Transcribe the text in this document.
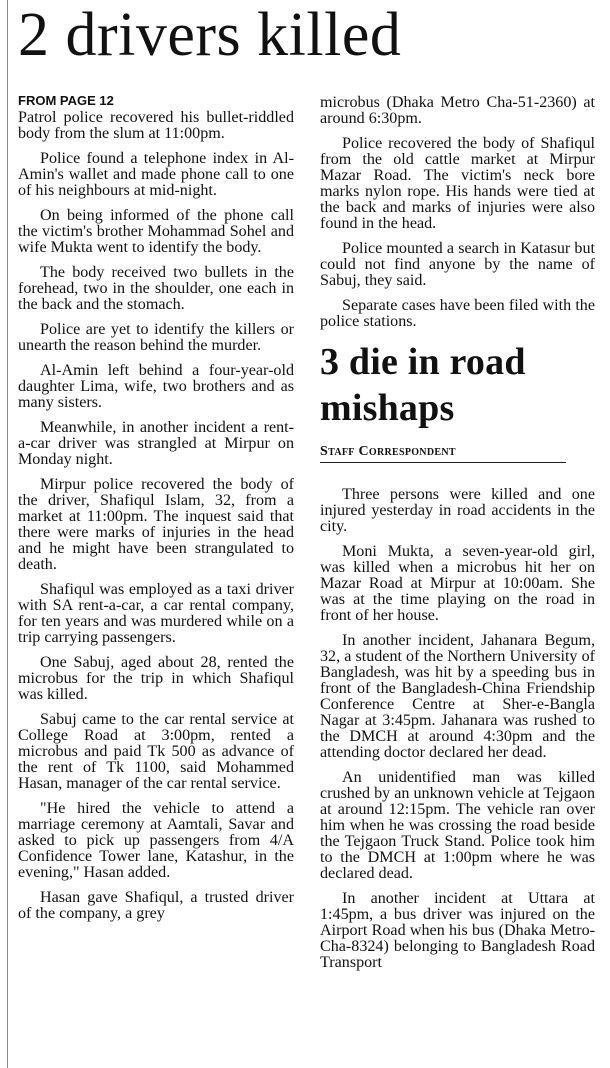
2 drivers killed
FROM PAGE 12

Patrol police recovered his bullet-riddled body from the slum at 11:00pm.

Police found a telephone index in Al-Amin's wallet and made phone call to one of his neighbours at mid-night.

On being informed of the phone call the victim's brother Mohammad Sohel and wife Mukta went to identify the body.

The body received two bullets in the forehead, two in the shoulder, one each in the back and the stomach.

Police are yet to identify the killers or unearth the reason behind the murder.

Al-Amin left behind a four-year-old daughter Lima, wife, two brothers and as many sisters.

Meanwhile, in another incident a rent-a-car driver was strangled at Mirpur on Monday night.

Mirpur police recovered the body of the driver, Shafiqul Islam, 32, from a market at 11:00pm. The inquest said that there were marks of injuries in the head and he might have been strangulated to death.

Shafiqul was employed as a taxi driver with SA rent-a-car, a car rental company, for ten years and was murdered while on a trip carrying passengers.

One Sabuj, aged about 28, rented the microbus for the trip in which Shafiqul was killed.

Sabuj came to the car rental service at College Road at 3:00pm, rented a microbus and paid Tk 500 as advance of the rent of Tk 1100, said Mohammed Hasan, manager of the car rental service.

"He hired the vehicle to attend a marriage ceremony at Aamtali, Savar and asked to pick up passengers from 4/A Confidence Tower lane, Katashur, in the evening," Hasan added.

Hasan gave Shafiqul, a trusted driver of the company, a grey

microbus (Dhaka Metro Cha-51-2360) at around 6:30pm.

Police recovered the body of Shafiqul from the old cattle market at Mirpur Mazar Road. The victim's neck bore marks nylon rope. His hands were tied at the back and marks of injuries were also found in the head.

Police mounted a search in Katasur but could not find anyone by the name of Sabuj, they said.

Separate cases have been filed with the police stations.

3 die in road mishaps
Staff Correspondent

Three persons were killed and one injured yesterday in road accidents in the city.

Moni Mukta, a seven-year-old girl, was killed when a microbus hit her on Mazar Road at Mirpur at 10:00am. She was at the time playing on the road in front of her house.

In another incident, Jahanara Begum, 32, a student of the Northern University of Bangladesh, was hit by a speeding bus in front of the Bangladesh-China Friendship Conference Centre at Sher-e-Bangla Nagar at 3:45pm. Jahanara was rushed to the DMCH at around 4:30pm and the attending doctor declared her dead.

An unidentified man was killed crushed by an unknown vehicle at Tejgaon at around 12:15pm. The vehicle ran over him when he was crossing the road beside the Tejgaon Truck Stand. Police took him to the DMCH at 1:00pm where he was declared dead.

In another incident at Uttara at 1:45pm, a bus driver was injured on the Airport Road when his bus (Dhaka Metro-Cha-8324) belonging to Bangladesh Road Transport
